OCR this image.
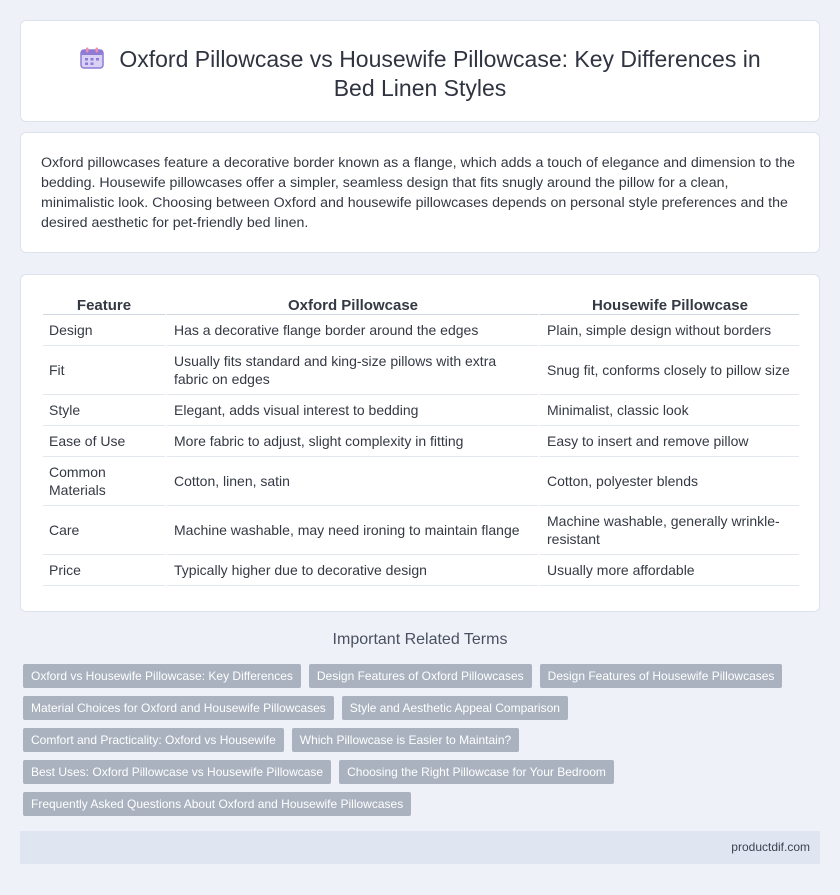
Oxford Pillowcase vs Housewife Pillowcase: Key Differences in Bed Linen Styles

Oxford pillowcases feature a decorative border known as a flange, which adds a touch of elegance and dimension to the bedding. Housewife pillowcases offer a simpler, seamless design that fits snugly around the pillow for a clean, minimalistic look. Choosing between Oxford and housewife pillowcases depends on personal style preferences and the desired aesthetic for pet-friendly bed linen.

Feature	Oxford Pillowcase	Housewife Pillowcase
Design	Has a decorative flange border around the edges	Plain, simple design without borders
Fit	Usually fits standard and king-size pillows with extra fabric on edges	Snug fit, conforms closely to pillow size
Style	Elegant, adds visual interest to bedding	Minimalist, classic look
Ease of Use	More fabric to adjust, slight complexity in fitting	Easy to insert and remove pillow
Common Materials	Cotton, linen, satin	Cotton, polyester blends
Care	Machine washable, may need ironing to maintain flange	Machine washable, generally wrinkle-resistant
Price	Typically higher due to decorative design	Usually more affordable
Important Related Terms
Oxford vs Housewife Pillowcase: Key Differences	Design Features of Oxford Pillowcases	Design Features of Housewife Pillowcases
Material Choices for Oxford and Housewife Pillowcases	Style and Aesthetic Appeal Comparison
Comfort and Practicality: Oxford vs Housewife	Which Pillowcase is Easier to Maintain?
Best Uses: Oxford Pillowcase vs Housewife Pillowcase	Choosing the Right Pillowcase for Your Bedroom
Frequently Asked Questions About Oxford and Housewife Pillowcases
productdif.com
